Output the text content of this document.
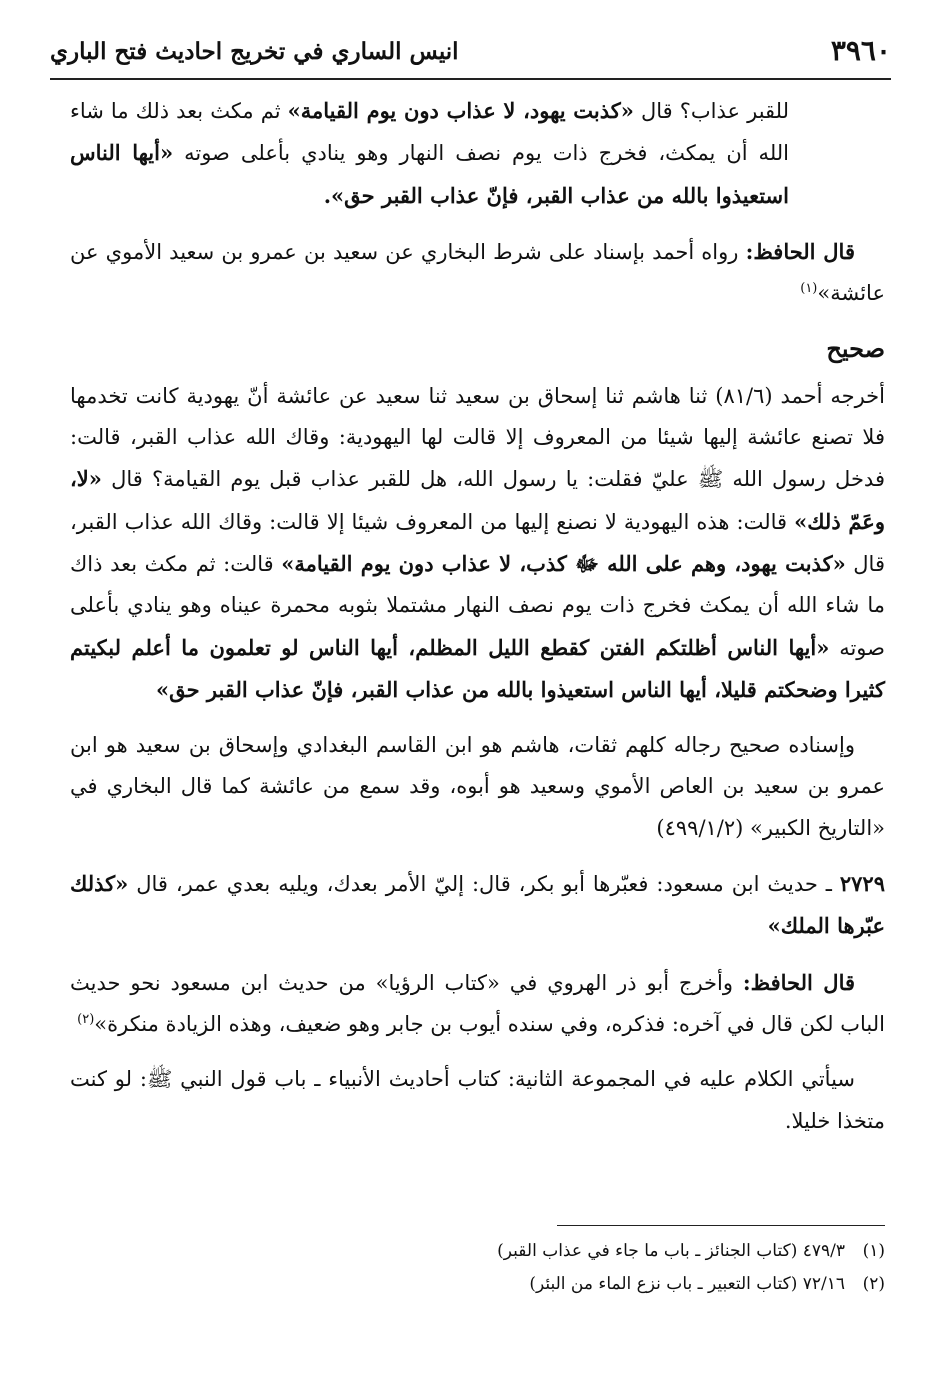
٣٩٦٠
انيس الساري في تخريج احاديث فتح الباري

للقبر عذاب؟ قال «كذبت يهود، لا عذاب دون يوم القيامة» ثم مكث بعد ذلك ما شاء الله أن يمكث، فخرج ذات يوم نصف النهار وهو ينادي بأعلى صوته «أيها الناس استعيذوا بالله من عذاب القبر، فإنّ عذاب القبر حق».

قال الحافظ: رواه أحمد بإسناد على شرط البخاري عن سعيد بن عمرو بن سعيد الأموي عن عائشة»$^{(١)}$

صحيح

أخرجه أحمد (٨١/٦) ثنا هاشم ثنا إسحاق بن سعيد ثنا سعيد عن عائشة أنّ يهودية كانت تخدمها فلا تصنع عائشة إليها شيئا من المعروف إلا قالت لها اليهودية: وقاك الله عذاب القبر، قالت: فدخل رسول الله ﷺ عليّ فقلت: يا رسول الله، هل للقبر عذاب قبل يوم القيامة؟ قال «لا، وعَمّ ذلك» قالت: هذه اليهودية لا نصنع إليها من المعروف شيئا إلا قالت: وقاك الله عذاب القبر، قال «كذبت يهود، وهم على الله ﷻ كذب، لا عذاب دون يوم القيامة» قالت: ثم مكث بعد ذاك ما شاء الله أن يمكث فخرج ذات يوم نصف النهار مشتملا بثوبه محمرة عيناه وهو ينادي بأعلى صوته «أيها الناس أظلتكم الفتن كقطع الليل المظلم، أيها الناس لو تعلمون ما أعلم لبكيتم كثيرا وضحكتم قليلا، أيها الناس استعيذوا بالله من عذاب القبر، فإنّ عذاب القبر حق»

وإسناده صحيح رجاله كلهم ثقات، هاشم هو ابن القاسم البغدادي وإسحاق بن سعيد هو ابن عمرو بن سعيد بن العاص الأموي وسعيد هو أبوه، وقد سمع من عائشة كما قال البخاري في «التاريخ الكبير» (٤٩٩/١/٢)

٢٧٢٩ ـ حديث ابن مسعود: فعبّرها أبو بكر، قال: إليّ الأمر بعدك، ويليه بعدي عمر، قال «كذلك عبّرها الملك»

قال الحافظ: وأخرج أبو ذر الهروي في «كتاب الرؤيا» من حديث ابن مسعود نحو حديث الباب لكن قال في آخره: فذكره، وفي سنده أيوب بن جابر وهو ضعيف، وهذه الزيادة منكرة»$^{(٢)}$

سيأتي الكلام عليه في المجموعة الثانية: كتاب أحاديث الأنبياء ـ باب قول النبي ﷺ: لو كنت متخذا خليلا.

(١)
٤٧٩/٣ (كتاب الجنائز ـ باب ما جاء في عذاب القبر)
(٢)
٧٢/١٦ (كتاب التعبير ـ باب نزع الماء من البئر)
